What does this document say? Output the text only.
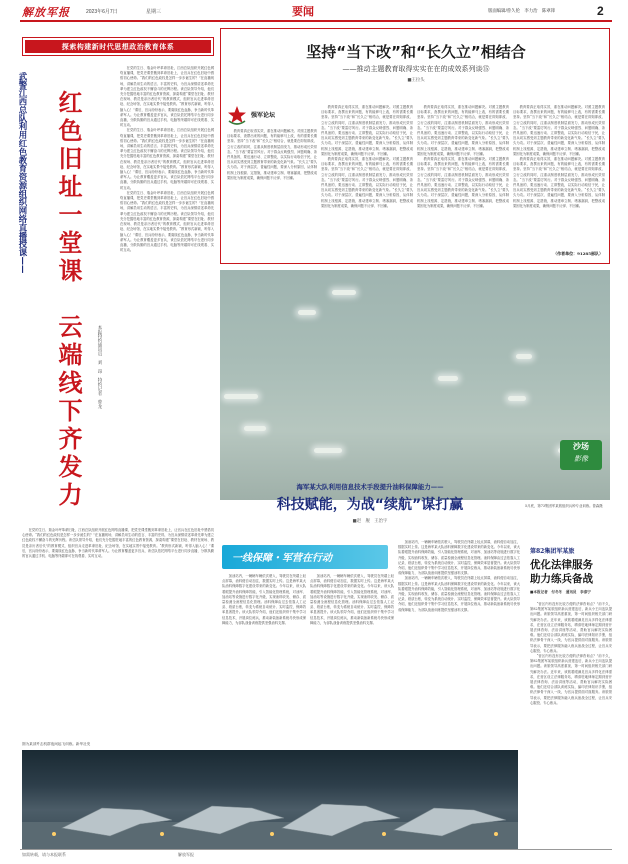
解放军报	2023年6月7日	星期三	要闻	版面编辑/曾久伦　李力治　陈翠锋	2
探索构建新时代思想政治教育体系
武警江西总队利用红色教育资源组织网络直播授课—— 红色旧址一堂课　云端线下齐发力	本报特约通讯员　刘　昂　特约记者　曾龙

在党的生日、瑞金叶坪革命旧址，江西总队组织开展红色网络直播课，把党史课堂搬到革命旧址上，让官兵在红色旧址中感悟初心使命。“我们的红色政权是怎样一步步诞生的？”在直播现场，讲解员用生动的语言、丰富的史料，为官兵深情讲述革命先辈为建立红色政权不懈奋斗的光辉历程。该总队领导介绍，他们充分挖掘驻地丰富的红色教育资源，探索构建“课堂在旧址、教材在现场、教员是亲历者后代”的教育模式，组织官兵走进革命旧址、纪念场馆，在实地实景中接受教育。“教育形式新颖，听得入脑入心！”课后，官兵纷纷表示，要赓续红色血脉，争当新时代革命军人。为让教育覆盖更多官兵，该总队依托网络平台进行同步直播，分散执勤的官兵通过手机、电脑等终端即可在线观看、实时互动。

在党的生日、瑞金叶坪革命旧址，江西总队组织开展红色网络直播课，把党史课堂搬到革命旧址上，让官兵在红色旧址中感悟初心使命。“我们的红色政权是怎样一步步诞生的？”在直播现场，讲解员用生动的语言、丰富的史料，为官兵深情讲述革命先辈为建立红色政权不懈奋斗的光辉历程。该总队领导介绍，他们充分挖掘驻地丰富的红色教育资源，探索构建“课堂在旧址、教材在现场、教员是亲历者后代”的教育模式，组织官兵走进革命旧址、纪念场馆，在实地实景中接受教育。“教育形式新颖，听得入脑入心！”课后，官兵纷纷表示，要赓续红色血脉，争当新时代革命军人。为让教育覆盖更多官兵，该总队依托网络平台进行同步直播，分散执勤的官兵通过手机、电脑等终端即可在线观看、实时互动。

在党的生日、瑞金叶坪革命旧址，江西总队组织开展红色网络直播课，把党史课堂搬到革命旧址上，让官兵在红色旧址中感悟初心使命。“我们的红色政权是怎样一步步诞生的？”在直播现场，讲解员用生动的语言、丰富的史料，为官兵深情讲述革命先辈为建立红色政权不懈奋斗的光辉历程。该总队领导介绍，他们充分挖掘驻地丰富的红色教育资源，探索构建“课堂在旧址、教材在现场、教员是亲历者后代”的教育模式，组织官兵走进革命旧址、纪念场馆，在实地实景中接受教育。“教育形式新颖，听得入脑入心！”课后，官兵纷纷表示，要赓续红色血脉，争当新时代革命军人。为让教育覆盖更多官兵，该总队依托网络平台进行同步直播，分散执勤的官兵通过手机、电脑等终端即可在线观看、实时互动。

在党的生日、瑞金叶坪革命旧址，江西总队组织开展红色网络直播课，把党史课堂搬到革命旧址上，让官兵在红色旧址中感悟初心使命。“我们的红色政权是怎样一步步诞生的？”在直播现场，讲解员用生动的语言、丰富的史料，为官兵深情讲述革命先辈为建立红色政权不懈奋斗的光辉历程。该总队领导介绍，他们充分挖掘驻地丰富的红色教育资源，探索构建“课堂在旧址、教材在现场、教员是亲历者后代”的教育模式，组织官兵走进革命旧址、纪念场馆，在实地实景中接受教育。“教育形式新颖，听得入脑入心！”课后，官兵纷纷表示，要赓续红色血脉，争当新时代革命军人。为让教育覆盖更多官兵，该总队依托网络平台进行同步直播，分散执勤的官兵通过手机、电脑等终端即可在线观看、实时互动。

坚持“当下改”和“长久立”相结合
——推动主题教育取得实实在在的成效系列谈⑮
■王拉头
强军论坛

教育要真正取得实效，重在推动问题解决。对照主题教育目标要求，查摆出来的问题，有的能够马上改，有的需要长期坚持。坚持“当下改”和“长久立”相结合，就是要在即知即改、立行立改的同时，注重从制度机制层面发力，推动形成长效常态。“当下改”要雷厉风行。对于群众反映强烈、问题明确、条件具备的，要迅速行动、立即整改，以实际行动取信于民，让官兵切实感受到主题教育带来的新变化新气象。“长久立”要久久为功。对于深层次、普遍性问题，要深入分析原因，从体制机制上找根源、定措施，推动建章立制、堵塞漏洞，把整改成果固化为制度成果，确保问题不反弹、不回潮。

教育要真正取得实效，重在推动问题解决。对照主题教育目标要求，查摆出来的问题，有的能够马上改，有的需要长期坚持。坚持“当下改”和“长久立”相结合，就是要在即知即改、立行立改的同时，注重从制度机制层面发力，推动形成长效常态。“当下改”要雷厉风行。对于群众反映强烈、问题明确、条件具备的，要迅速行动、立即整改，以实际行动取信于民，让官兵切实感受到主题教育带来的新变化新气象。“长久立”要久久为功。对于深层次、普遍性问题，要深入分析原因，从体制机制上找根源、定措施，推动建章立制、堵塞漏洞，把整改成果固化为制度成果，确保问题不反弹、不回潮。

教育要真正取得实效，重在推动问题解决。对照主题教育目标要求，查摆出来的问题，有的能够马上改，有的需要长期坚持。坚持“当下改”和“长久立”相结合，就是要在即知即改、立行立改的同时，注重从制度机制层面发力，推动形成长效常态。“当下改”要雷厉风行。对于群众反映强烈、问题明确、条件具备的，要迅速行动、立即整改，以实际行动取信于民，让官兵切实感受到主题教育带来的新变化新气象。“长久立”要久久为功。对于深层次、普遍性问题，要深入分析原因，从体制机制上找根源、定措施，推动建章立制、堵塞漏洞，把整改成果固化为制度成果，确保问题不反弹、不回潮。

教育要真正取得实效，重在推动问题解决。对照主题教育目标要求，查摆出来的问题，有的能够马上改，有的需要长期坚持。坚持“当下改”和“长久立”相结合，就是要在即知即改、立行立改的同时，注重从制度机制层面发力，推动形成长效常态。“当下改”要雷厉风行。对于群众反映强烈、问题明确、条件具备的，要迅速行动、立即整改，以实际行动取信于民，让官兵切实感受到主题教育带来的新变化新气象。“长久立”要久久为功。对于深层次、普遍性问题，要深入分析原因，从体制机制上找根源、定措施，推动建章立制、堵塞漏洞，把整改成果固化为制度成果，确保问题不反弹、不回潮。

教育要真正取得实效，重在推动问题解决。对照主题教育目标要求，查摆出来的问题，有的能够马上改，有的需要长期坚持。坚持“当下改”和“长久立”相结合，就是要在即知即改、立行立改的同时，注重从制度机制层面发力，推动形成长效常态。“当下改”要雷厉风行。对于群众反映强烈、问题明确、条件具备的，要迅速行动、立即整改，以实际行动取信于民，让官兵切实感受到主题教育带来的新变化新气象。“长久立”要久久为功。对于深层次、普遍性问题，要深入分析原因，从体制机制上找根源、定措施，推动建章立制、堵塞漏洞，把整改成果固化为制度成果，确保问题不反弹、不回潮。

教育要真正取得实效，重在推动问题解决。对照主题教育目标要求，查摆出来的问题，有的能够马上改，有的需要长期坚持。坚持“当下改”和“长久立”相结合，就是要在即知即改、立行立改的同时，注重从制度机制层面发力，推动形成长效常态。“当下改”要雷厉风行。对于群众反映强烈、问题明确、条件具备的，要迅速行动、立即整改，以实际行动取信于民，让官兵切实感受到主题教育带来的新变化新气象。“长久立”要久久为功。对于深层次、普遍性问题，要深入分析原因，从体制机制上找根源、定措施，推动建章立制、堵塞漏洞，把整改成果固化为制度成果，确保问题不反弹、不回潮。

教育要真正取得实效，重在推动问题解决。对照主题教育目标要求，查摆出来的问题，有的能够马上改，有的需要长期坚持。坚持“当下改”和“长久立”相结合，就是要在即知即改、立行立改的同时，注重从制度机制层面发力，推动形成长效常态。“当下改”要雷厉风行。对于群众反映强烈、问题明确、条件具备的，要迅速行动、立即整改，以实际行动取信于民，让官兵切实感受到主题教育带来的新变化新气象。“长久立”要久久为功。对于深层次、普遍性问题，要深入分析原因，从体制机制上找根源、定措施，推动建章立制、堵塞漏洞，把整改成果固化为制度成果，确保问题不反弹、不回潮。

（作者单位：91285部队）
沙场
影像
5月底，第73集团军某旅组织兵种专业训练。曾森摄
海军某大队利用信息技术手段提升油料保障能力——
科技赋能，为战“续航”谋打赢
■赵　舰　王治宇
一线保障・军营在行动

加油站内，一辆辆车辆依次驶入，驾驶员在终端上轻点屏幕，油料便自动加注，数据实时上传。这是海军某大队油料保障数字化建设带来的新变化。今年以来，该大队着眼提升油料保障效能，引入智能化管理系统，对油库、加油站等设施进行数字化升级，实现油料收发、储存、质量检测全流程信息化管理。油料保障由过去依靠人工记录、纸质台账，转变为系统自动统计、实时监控，保障效率显著提升。该大队领导介绍，他们还组织骨干集中学习信息技术，开展岗位练兵，推动新装备新系统尽快形成保障能力，为部队战备训练提供坚强油料支撑。

加油站内，一辆辆车辆依次驶入，驾驶员在终端上轻点屏幕，油料便自动加注，数据实时上传。这是海军某大队油料保障数字化建设带来的新变化。今年以来，该大队着眼提升油料保障效能，引入智能化管理系统，对油库、加油站等设施进行数字化升级，实现油料收发、储存、质量检测全流程信息化管理。油料保障由过去依靠人工记录、纸质台账，转变为系统自动统计、实时监控，保障效率显著提升。该大队领导介绍，他们还组织骨干集中学习信息技术，开展岗位练兵，推动新装备新系统尽快形成保障能力，为部队战备训练提供坚强油料支撑。

加油站内，一辆辆车辆依次驶入，驾驶员在终端上轻点屏幕，油料便自动加注，数据实时上传。这是海军某大队油料保障数字化建设带来的新变化。今年以来，该大队着眼提升油料保障效能，引入智能化管理系统，对油库、加油站等设施进行数字化升级，实现油料收发、储存、质量检测全流程信息化管理。油料保障由过去依靠人工记录、纸质台账，转变为系统自动统计、实时监控，保障效率显著提升。该大队领导介绍，他们还组织骨干集中学习信息技术，开展岗位练兵，推动新装备新系统尽快形成保障能力，为部队战备训练提供坚强油料支撑。

加油站内，一辆辆车辆依次驶入，驾驶员在终端上轻点屏幕，油料便自动加注，数据实时上传。这是海军某大队油料保障数字化建设带来的新变化。今年以来，该大队着眼提升油料保障效能，引入智能化管理系统，对油库、加油站等设施进行数字化升级，实现油料收发、储存、质量检测全流程信息化管理。油料保障由过去依靠人工记录、纸质台账，转变为系统自动统计、实时监控，保障效率显著提升。该大队领导介绍，他们还组织骨干集中学习信息技术，开展岗位练兵，推动新装备新系统尽快形成保障能力，为部队战备训练提供坚强油料支撑。

第82集团军某旅
优化法律服务　助力练兵备战
■本报记者　付冬冬　通讯员　李泰宁

“营区内有没有比较方便的法律咨询点？”前不久，第82集团军某旅组织新兵营建连后，新兵小王向连队提出问题。该旅领导高度重视，第一时间组织相关部门研究解决办法。近年来，该旅着眼满足官兵多样化法律需求，在营区设立法律服务站，聘请驻地律师定期到营开展法律咨询、法治讲座等活动，帮助官兵解决实际困难。他们还结合部队训练实际，编印法律知识手册，组织法律骨干深入一线，为官兵提供面对面服务。该旅领导表示，要把法律服务融入练兵备战全过程，让官兵安心服役、专心练兵。

“营区内有没有比较方便的法律咨询点？”前不久，第82集团军某旅组织新兵营建连后，新兵小王向连队提出问题。该旅领导高度重视，第一时间组织相关部门研究解决办法。近年来，该旅着眼满足官兵多样化法律需求，在营区设立法律服务站，聘请驻地律师定期到营开展法律咨询、法治讲座等活动，帮助官兵解决实际困难。他们还结合部队训练实际，编印法律知识手册，组织法律骨干深入一线，为官兵提供面对面服务。该旅领导表示，要把法律服务融入练兵备战全过程，让官兵安心服役、专心练兵。

图为某部歼击机群夜间起飞训练。新华社发
如需转载，请与本报联系	解放军报
